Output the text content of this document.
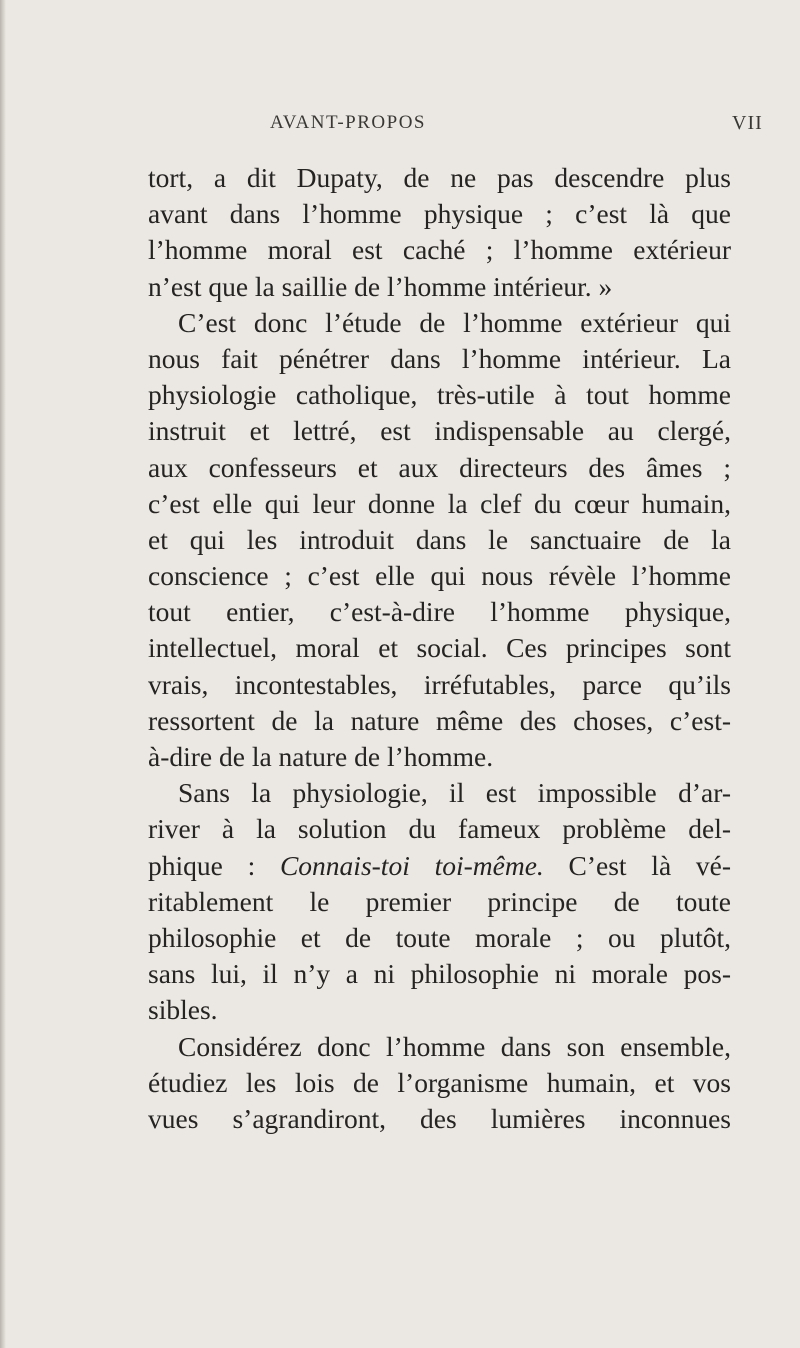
AVANT-PROPOS	VII
tort, a dit Dupaty, de ne pas descendre plus
avant dans l’homme physique ; c’est là que
l’homme moral est caché ; l’homme extérieur
n’est que la saillie de l’homme intérieur. »
C’est donc l’étude de l’homme extérieur qui
nous fait pénétrer dans l’homme intérieur. La
physiologie catholique, très-utile à tout homme
instruit et lettré, est indispensable au clergé,
aux confesseurs et aux directeurs des âmes ;
c’est elle qui leur donne la clef du cœur humain,
et qui les introduit dans le sanctuaire de la
conscience ; c’est elle qui nous révèle l’homme
tout entier, c’est-à-dire l’homme physique,
intellectuel, moral et social. Ces principes sont
vrais, incontestables, irréfutables, parce qu’ils
ressortent de la nature même des choses, c’est-
à-dire de la nature de l’homme.
Sans la physiologie, il est impossible d’ar-
river à la solution du fameux problème del-
phique : Connais-toi toi-même. C’est là vé-
ritablement le premier principe de toute
philosophie et de toute morale ; ou plutôt,
sans lui, il n’y a ni philosophie ni morale pos-
sibles.
Considérez donc l’homme dans son ensemble,
étudiez les lois de l’organisme humain, et vos
vues s’agrandiront, des lumières inconnues
